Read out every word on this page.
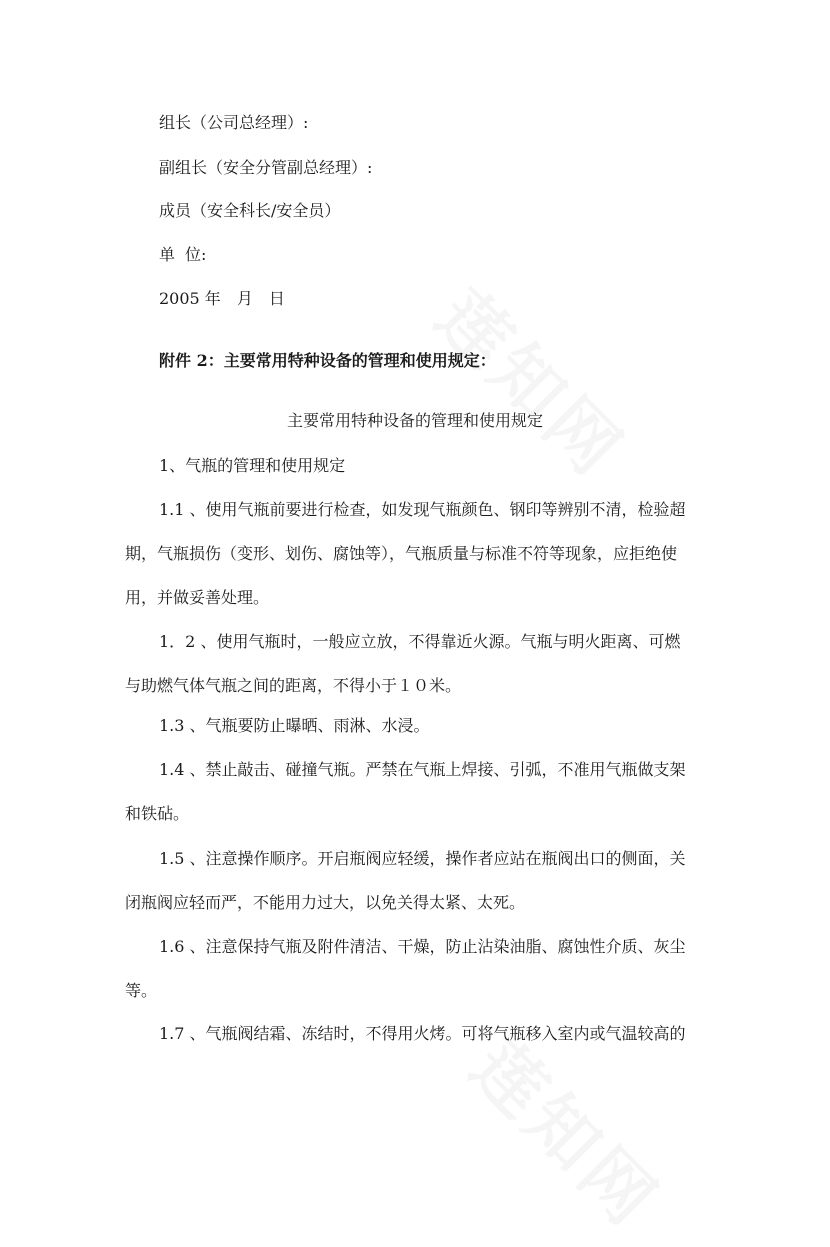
组长（公司总经理）:
副组长（安全分管副总经理）:
成员（安全科长/安全员）
单 位:
2005 年 月 日
附件 2：主要常用特种设备的管理和使用规定：
主要常用特种设备的管理和使用规定
1、气瓶的管理和使用规定
1.1 、使用气瓶前要进行检查，如发现气瓶颜色、钢印等辨别不清，检验超
期，气瓶损伤（变形、划伤、腐蚀等），气瓶质量与标准不符等现象，应拒绝使
用，并做妥善处理。
1．2 、使用气瓶时，一般应立放，不得靠近火源。气瓶与明火距离、可燃
与助燃气体气瓶之间的距离，不得小于１０米。
1.3 、气瓶要防止曝晒、雨淋、水浸。
1.4 、禁止敲击、碰撞气瓶。严禁在气瓶上焊接、引弧，不准用气瓶做支架
和铁砧。
1.5 、注意操作顺序。开启瓶阀应轻缓，操作者应站在瓶阀出口的侧面，关
闭瓶阀应轻而严，不能用力过大，以免关得太紧、太死。
1.6 、注意保持气瓶及附件清洁、干燥，防止沾染油脂、腐蚀性介质、灰尘
等。
1.7 、气瓶阀结霜、冻结时，不得用火烤。可将气瓶移入室内或气温较高的
